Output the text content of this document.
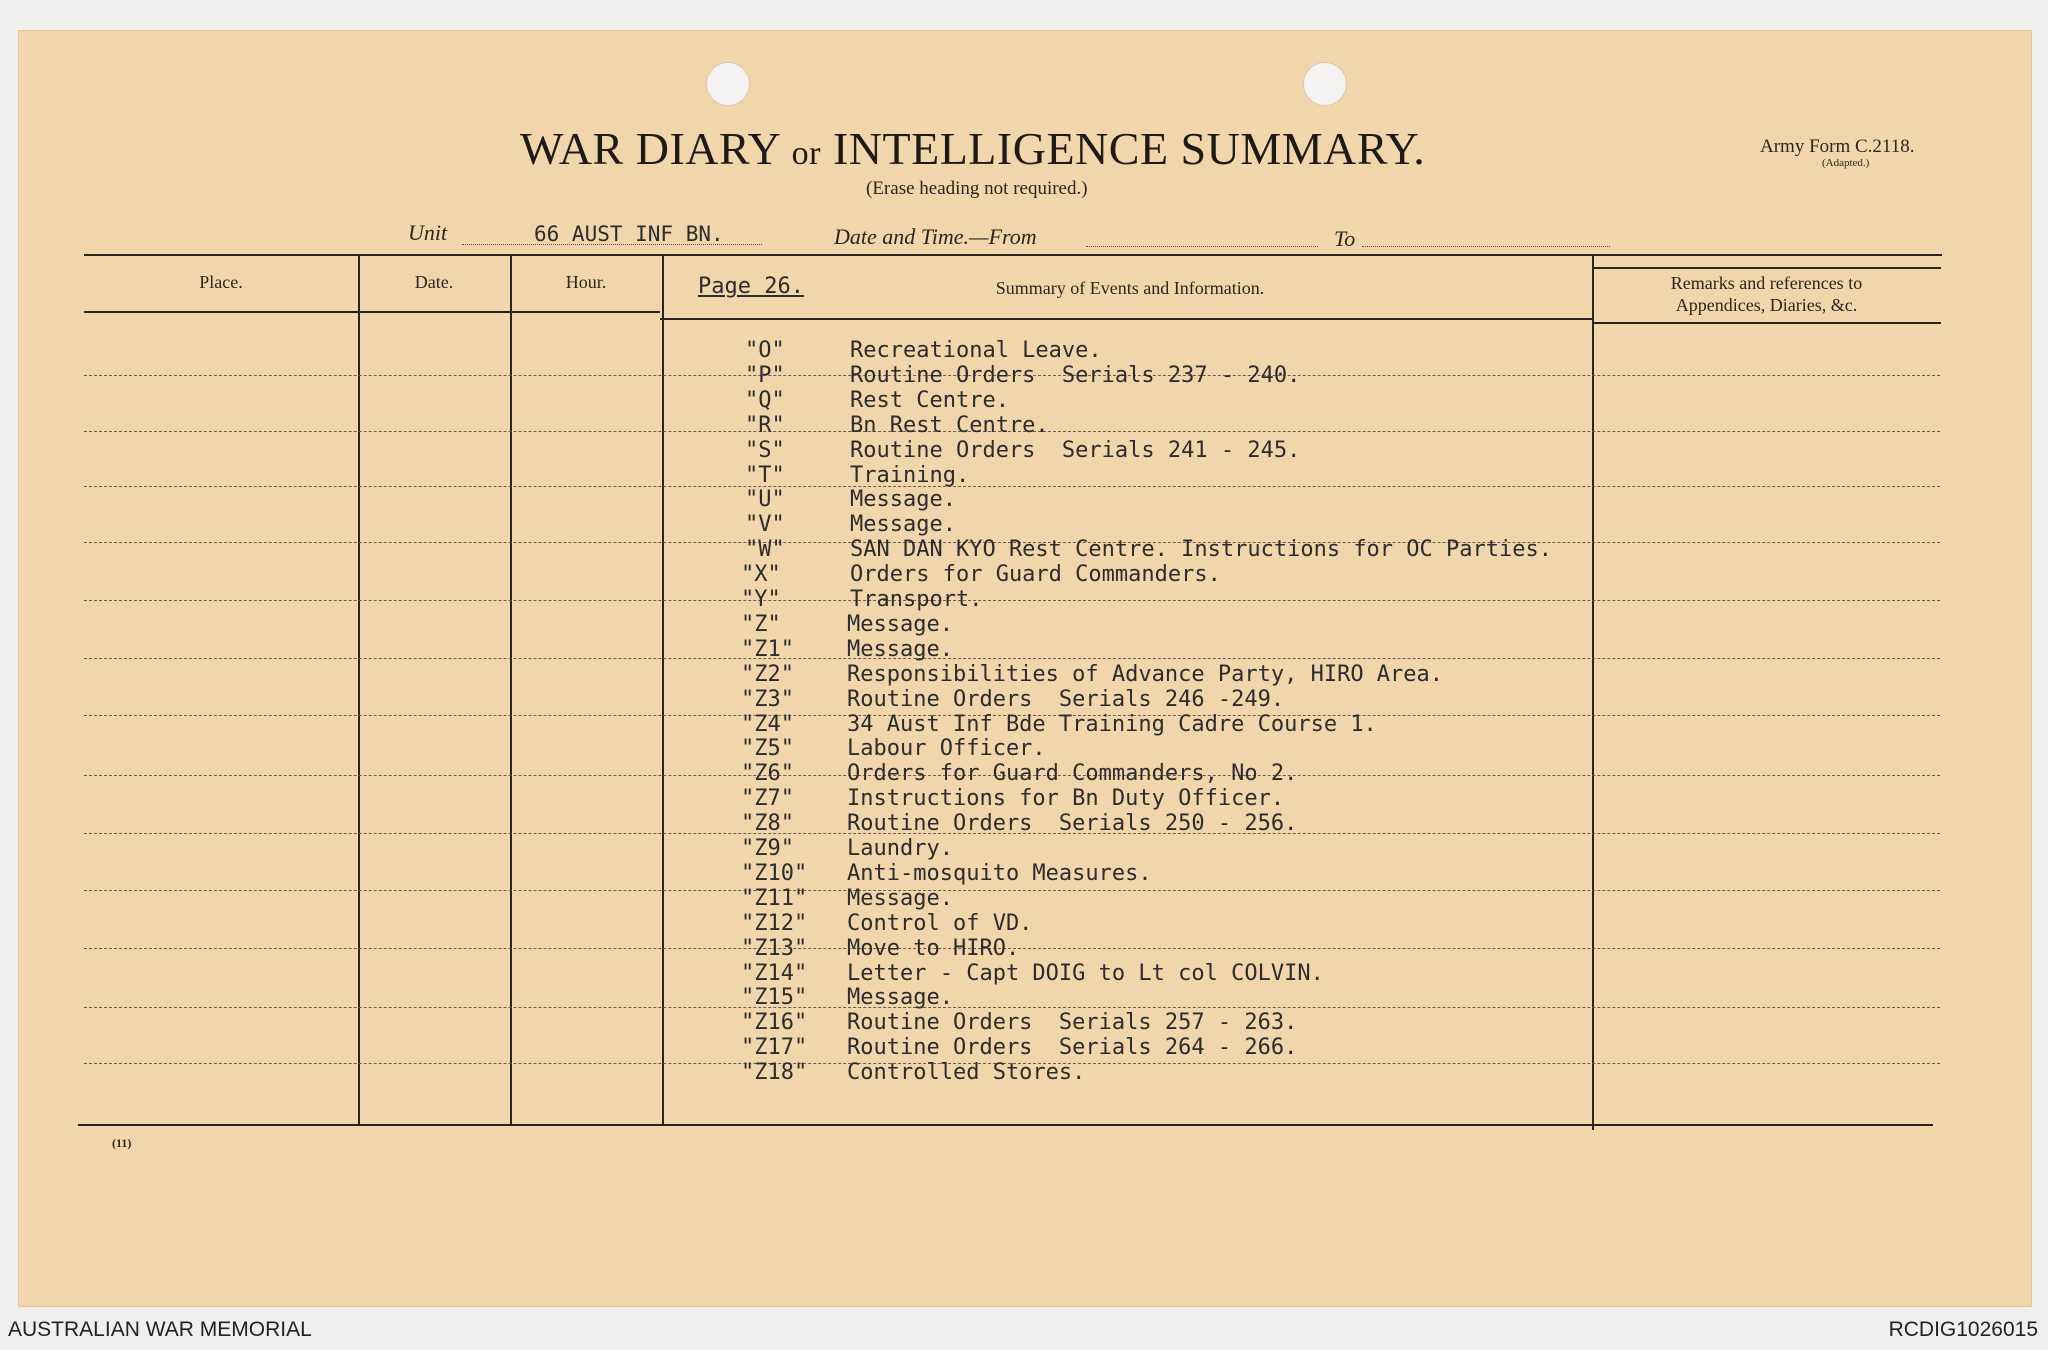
WAR DIARY or INTELLIGENCE SUMMARY.
(Erase heading not required.)
Army Form C.2118.
(Adapted.)
Unit	66 AUST INF BN.	Date and Time.—From	To
Place.	Date.	Hour.	Page 26.	Summary of Events and Information.	Remarks and references to
Appendices, Diaries, &c.
"O"	Recreational Leave.
"P"	Routine Orders  Serials 237 - 240.
"Q"	Rest Centre.
"R"	Bn Rest Centre.
"S"	Routine Orders  Serials 241 - 245.
"T"	Training.
"U"	Message.
"V"	Message.
"W"	SAN DAN KYO Rest Centre. Instructions for OC Parties.
"X"	Orders for Guard Commanders.
"Y"	Transport.
"Z"	Message.
"Z1" Message.
"Z2" Responsibilities of Advance Party, HIRO Area.
"Z3" Routine Orders  Serials 246 -249.
"Z4" 34 Aust Inf Bde Training Cadre Course 1.
"Z5" Labour Officer.
"Z6" Orders for Guard Commanders, No 2.
"Z7" Instructions for Bn Duty Officer.
"Z8" Routine Orders  Serials 250 - 256.
"Z9" Laundry.
"Z10" Anti-mosquito Measures.
"Z11" Message.
"Z12" Control of VD.
"Z13" Move to HIRO.
"Z14" Letter - Capt DOIG to Lt col COLVIN.
"Z15" Message.
"Z16" Routine Orders  Serials 257 - 263.
"Z17" Routine Orders  Serials 264 - 266.
"Z18" Controlled Stores.
(11)
AUSTRALIAN WAR MEMORIAL	RCDIG1026015
